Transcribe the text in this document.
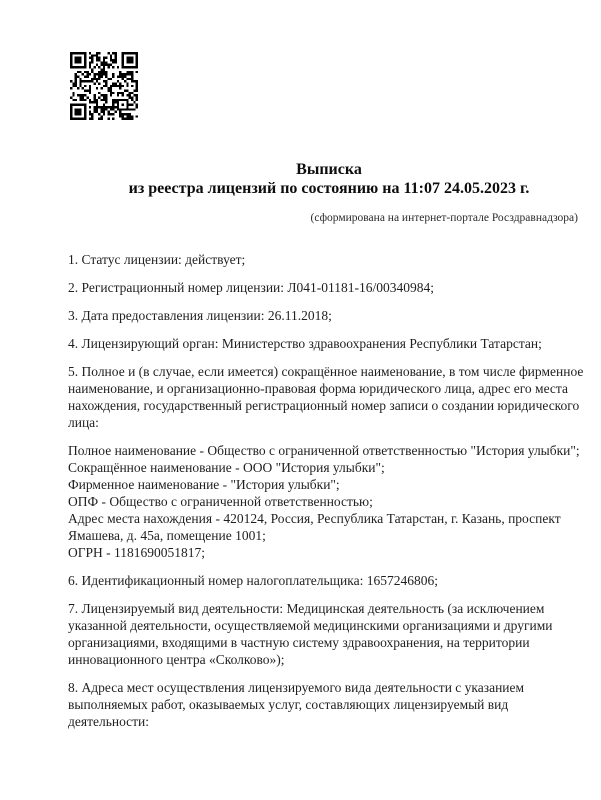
Выписка
из реестра лицензий по состоянию на 11:07 24.05.2023 г.
(сформирована на интернет-портале Росздравнадзора)

1. Статус лицензии: действует;

2. Регистрационный номер лицензии: Л041-01181-16/00340984;

3. Дата предоставления лицензии: 26.11.2018;

4. Лицензирующий орган: Министерство здравоохранения Республики Татарстан;

5. Полное и (в случае, если имеется) сокращённое наименование, в том числе фирменное наименование, и организационно-правовая форма юридического лица, адрес его места нахождения, государственный регистрационный номер записи о создании юридического лица:

Полное наименование - Общество с ограниченной ответственностью "История улыбки";
Сокращённое наименование - ООО "История улыбки";
Фирменное наименование - "История улыбки";
ОПФ - Общество с ограниченной ответственностью;
Адрес места нахождения - 420124, Россия, Республика Татарстан, г. Казань, проспект Ямашева, д. 45а, помещение 1001;
ОГРН - 1181690051817;

6. Идентификационный номер налогоплательщика: 1657246806;

7. Лицензируемый вид деятельности: Медицинская деятельность (за исключением указанной деятельности, осуществляемой медицинскими организациями и другими организациями, входящими в частную систему здравоохранения, на территории инновационного центра «Сколково»);

8. Адреса мест осуществления лицензируемого вида деятельности с указанием выполняемых работ, оказываемых услуг, составляющих лицензируемый вид деятельности:
